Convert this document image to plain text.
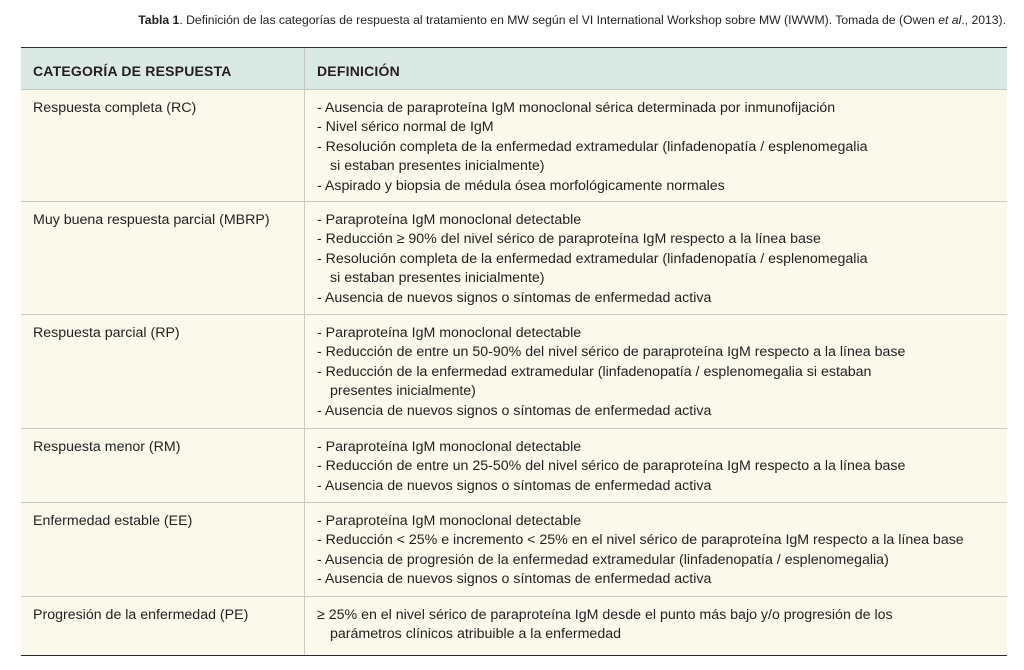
Tabla 1. Definición de las categorías de respuesta al tratamiento en MW según el VI International Workshop sobre MW (IWWM). Tomada de (Owen et al., 2013).
CATEGORÍA DE RESPUESTA	DEFINICIÓN
Respuesta completa (RC)	- Ausencia de paraproteína IgM monoclonal sérica determinada por inmunofijación
- Nivel sérico normal de IgM
- Resolución completa de la enfermedad extramedular (linfadenopatía / esplenomegalia
si estaban presentes inicialmente)
- Aspirado y biopsia de médula ósea morfológicamente normales
Muy buena respuesta parcial (MBRP)	- Paraproteína IgM monoclonal detectable
- Reducción ≥ 90% del nivel sérico de paraproteína IgM respecto a la línea base
- Resolución completa de la enfermedad extramedular (linfadenopatía / esplenomegalia
si estaban presentes inicialmente)
- Ausencia de nuevos signos o síntomas de enfermedad activa
Respuesta parcial (RP)	- Paraproteína IgM monoclonal detectable
- Reducción de entre un 50-90% del nivel sérico de paraproteína IgM respecto a la línea base
- Reducción de la enfermedad extramedular (linfadenopatía / esplenomegalia si estaban
presentes inicialmente)
- Ausencia de nuevos signos o síntomas de enfermedad activa
Respuesta menor (RM)	- Paraproteína IgM monoclonal detectable
- Reducción de entre un 25-50% del nivel sérico de paraproteína IgM respecto a la línea base
- Ausencia de nuevos signos o síntomas de enfermedad activa
Enfermedad estable (EE)	- Paraproteína IgM monoclonal detectable
- Reducción < 25% e incremento < 25% en el nivel sérico de paraproteína IgM respecto a la línea base
- Ausencia de progresión de la enfermedad extramedular (linfadenopatía / esplenomegalia)
- Ausencia de nuevos signos o síntomas de enfermedad activa
Progresión de la enfermedad (PE)	≥ 25% en el nivel sérico de paraproteína IgM desde el punto más bajo y/o progresión de los
parámetros clínicos atribuible a la enfermedad
